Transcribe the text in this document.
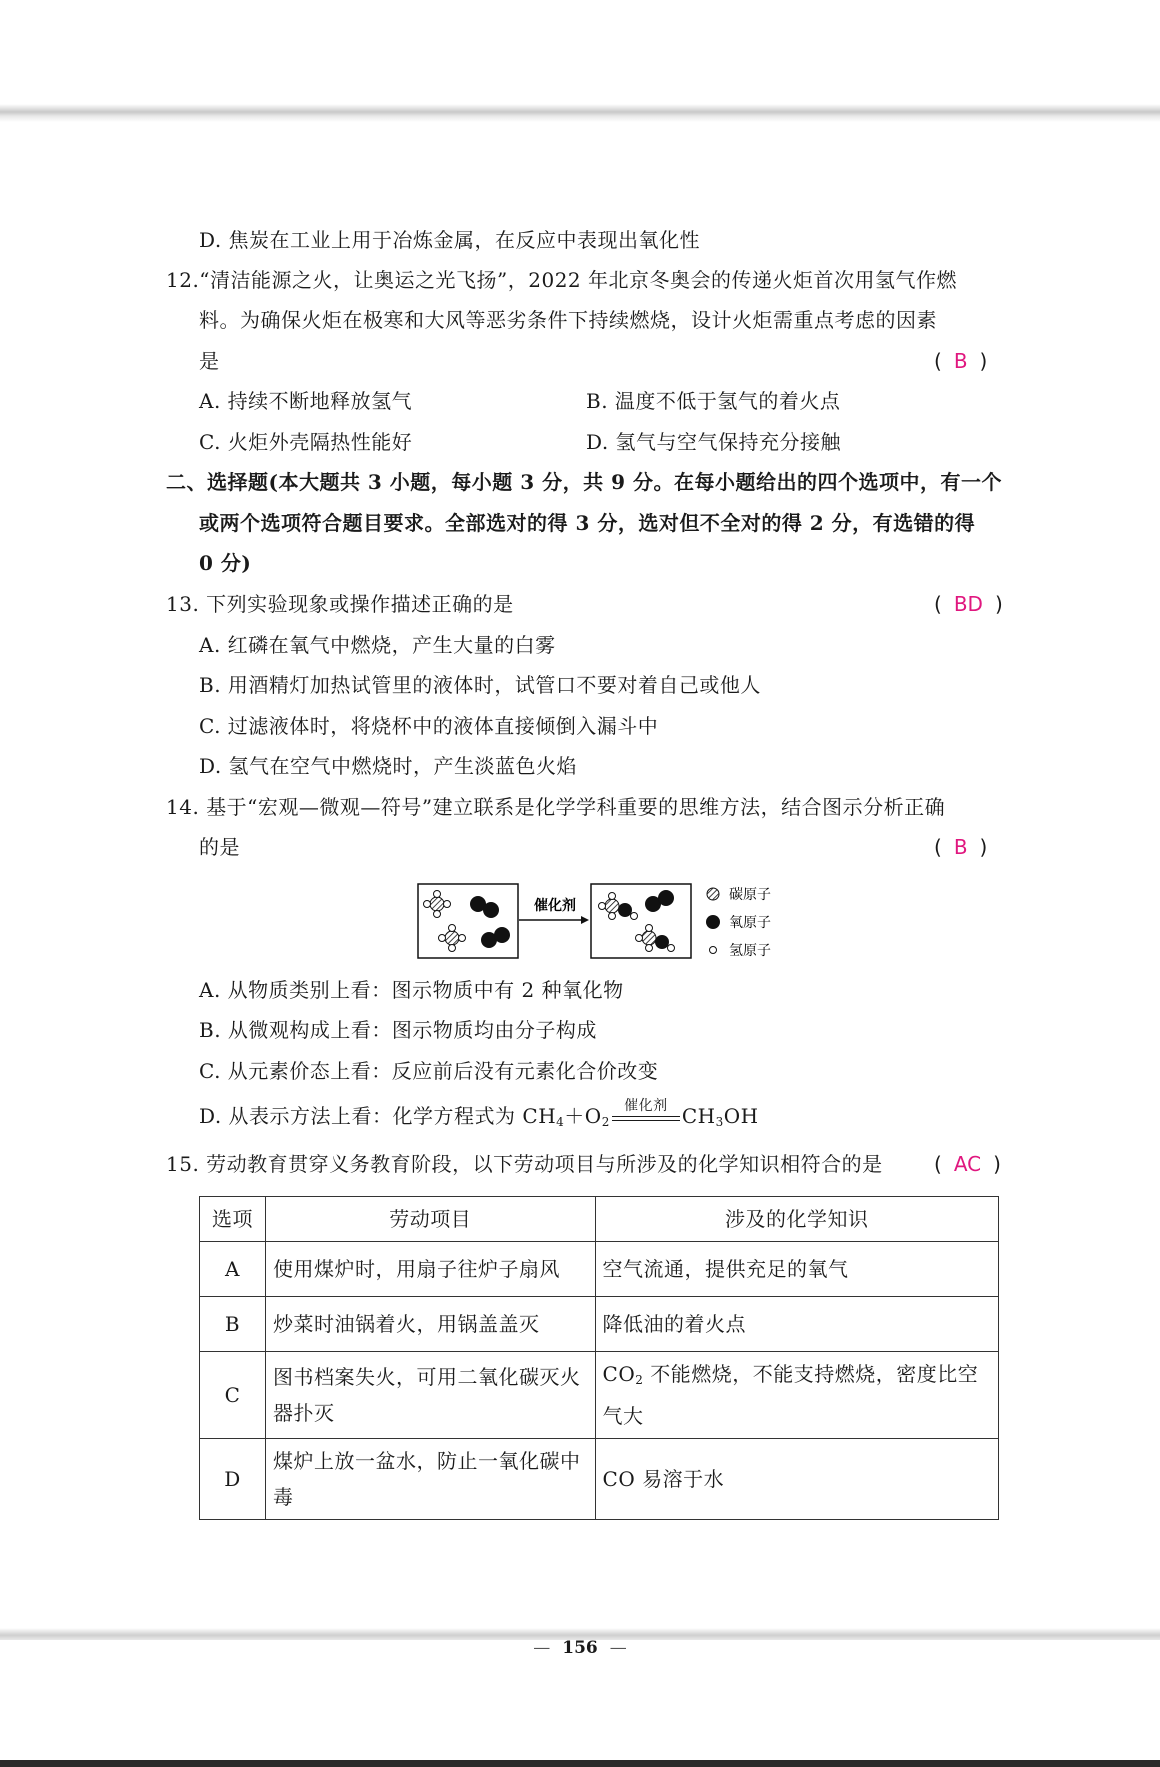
D. 焦炭在工业上用于冶炼金属，在反应中表现出氧化性
12.“清洁能源之火，让奥运之光飞扬”，2022 年北京冬奥会的传递火炬首次用氢气作燃
料。为确保火炬在极寒和大风等恶劣条件下持续燃烧，设计火炬需重点考虑的因素
是	( B )
A. 持续不断地释放氢气	B. 温度不低于氢气的着火点
C. 火炬外壳隔热性能好	D. 氢气与空气保持充分接触
二、选择题(本大题共 3 小题，每小题 3 分，共 9 分。在每小题给出的四个选项中，有一个
或两个选项符合题目要求。全部选对的得 3 分，选对但不全对的得 2 分，有选错的得
0 分)
13. 下列实验现象或操作描述正确的是	( BD )
A. 红磷在氧气中燃烧，产生大量的白雾
B. 用酒精灯加热试管里的液体时，试管口不要对着自己或他人
C. 过滤液体时，将烧杯中的液体直接倾倒入漏斗中
D. 氢气在空气中燃烧时，产生淡蓝色火焰
14. 基于“宏观—微观—符号”建立联系是化学学科重要的思维方法，结合图示分析正确
的是	( B )
催化剂
碳原子
氧原子
氢原子
A. 从物质类别上看：图示物质中有 2 种氧化物
B. 从微观构成上看：图示物质均由分子构成
C. 从元素价态上看：反应前后没有元素化合价改变
D. 从表示方法上看：化学方程式为 $CH_4+O_2$
催化剂 $CH_3OH$
15. 劳动教育贯穿义务教育阶段，以下劳动项目与所涉及的化学知识相符合的是	( AC )
选项	劳动项目	涉及的化学知识
A	使用煤炉时，用扇子往炉子扇风	空气流通，提供充足的氧气
B	炒菜时油锅着火，用锅盖盖灭	降低油的着火点
C	图书档案失火，可用二氧化碳灭火器扑灭	$CO_2$ 不能燃烧，不能支持燃烧，密度比空气大
D	煤炉上放一盆水，防止一氧化碳中毒	CO 易溶于水
— 156 —
